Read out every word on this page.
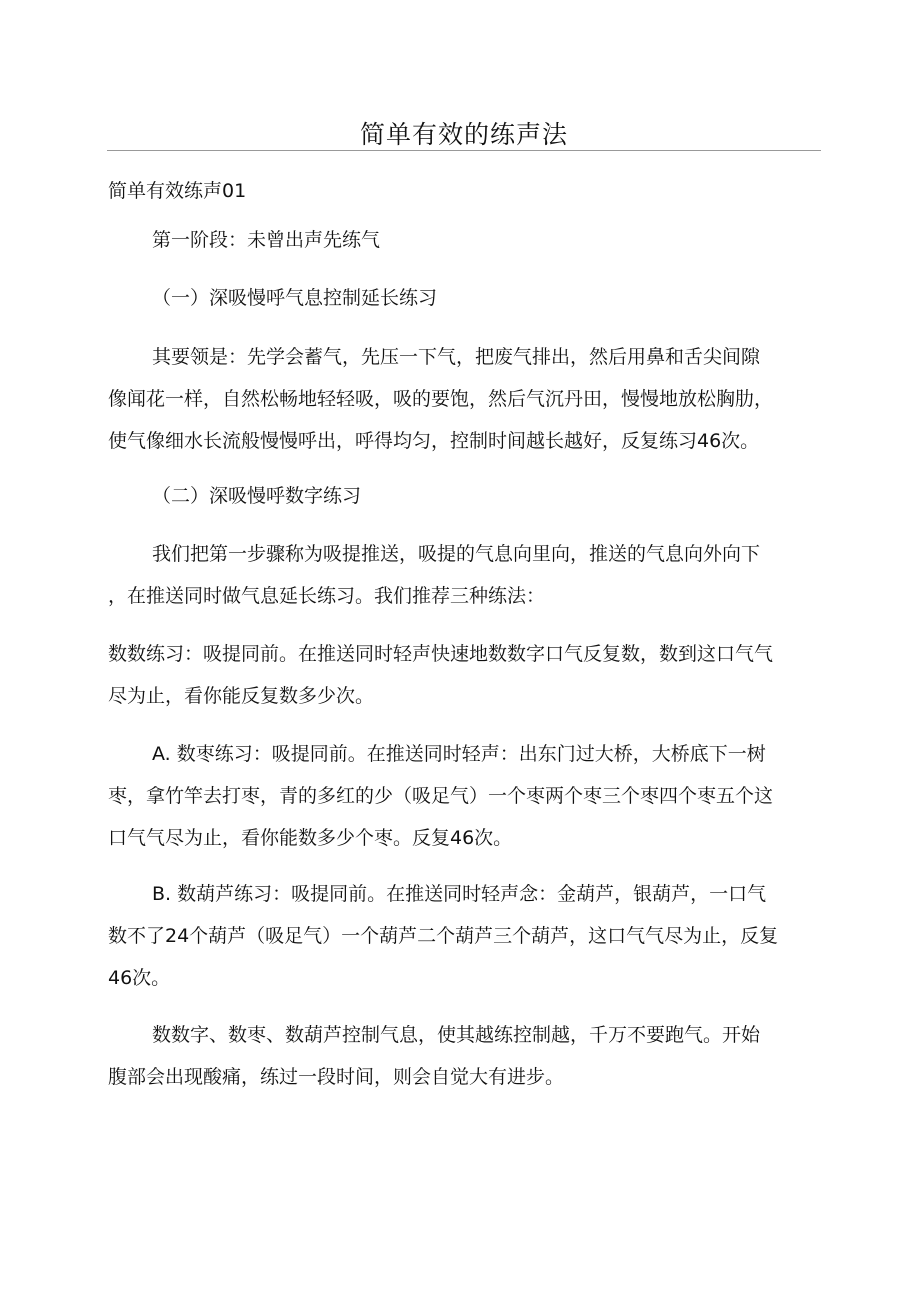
简单有效的练声法
简单有效练声01
第一阶段：未曾出声先练气
（一）深吸慢呼气息控制延长练习
其要领是：先学会蓄气，先压一下气，把废气排出，然后用鼻和舌尖间隙
像闻花一样，自然松畅地轻轻吸，吸的要饱，然后气沉丹田，慢慢地放松胸肋，
使气像细水长流般慢慢呼出，呼得均匀，控制时间越长越好，反复练习46次。
（二）深吸慢呼数字练习
我们把第一步骤称为吸提推送，吸提的气息向里向，推送的气息向外向下
，在推送同时做气息延长练习。我们推荐三种练法：
数数练习：吸提同前。在推送同时轻声快速地数数字口气反复数，数到这口气气
尽为止，看你能反复数多少次。
A. 数枣练习：吸提同前。在推送同时轻声：出东门过大桥，大桥底下一树
枣，拿竹竿去打枣，青的多红的少（吸足气）一个枣两个枣三个枣四个枣五个这
口气气尽为止，看你能数多少个枣。反复46次。
B. 数葫芦练习：吸提同前。在推送同时轻声念：金葫芦，银葫芦，一口气
数不了24个葫芦（吸足气）一个葫芦二个葫芦三个葫芦，这口气气尽为止，反复
46次。
数数字、数枣、数葫芦控制气息，使其越练控制越，千万不要跑气。开始
腹部会出现酸痛，练过一段时间，则会自觉大有进步。
